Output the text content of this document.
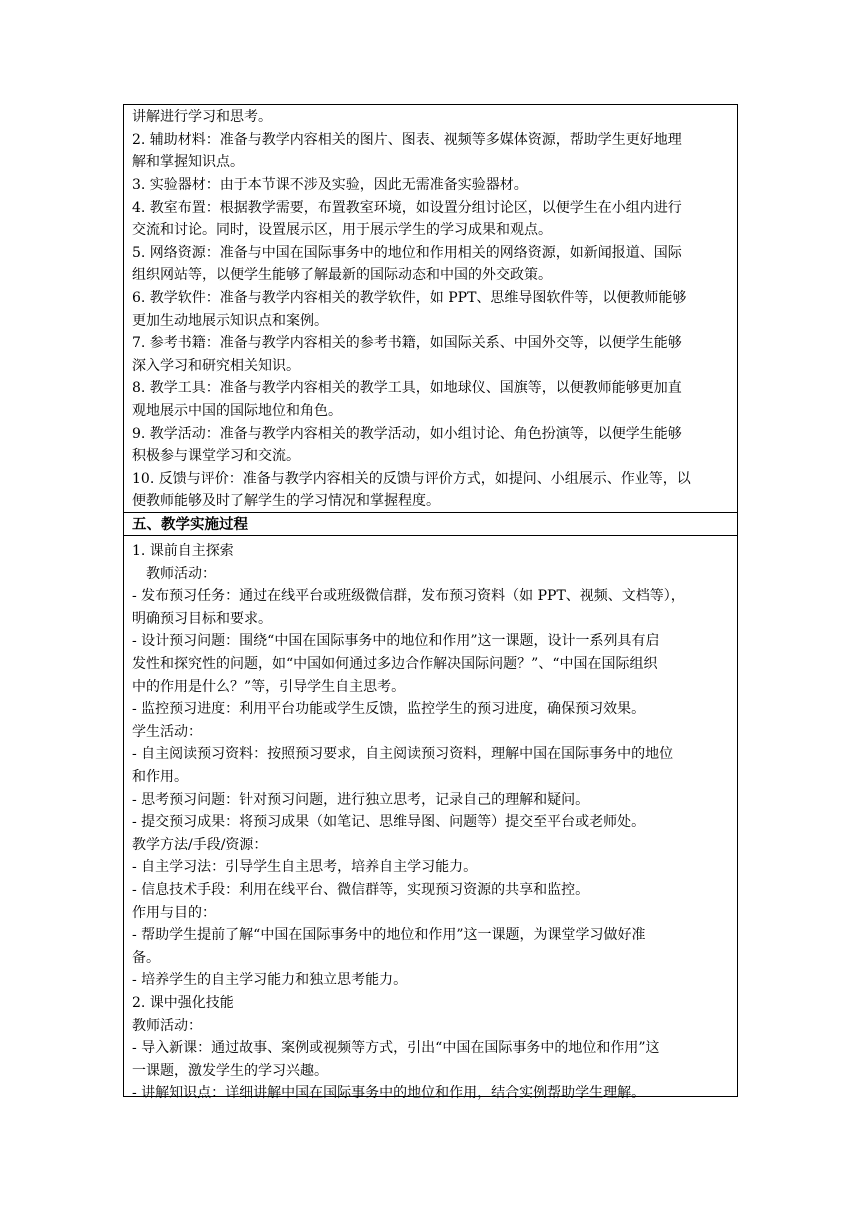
讲解进行学习和思考。
2. 辅助材料：准备与教学内容相关的图片、图表、视频等多媒体资源，帮助学生更好地理
解和掌握知识点。
3. 实验器材：由于本节课不涉及实验，因此无需准备实验器材。
4. 教室布置：根据教学需要，布置教室环境，如设置分组讨论区，以便学生在小组内进行
交流和讨论。同时，设置展示区，用于展示学生的学习成果和观点。
5. 网络资源：准备与中国在国际事务中的地位和作用相关的网络资源，如新闻报道、国际
组织网站等，以便学生能够了解最新的国际动态和中国的外交政策。
6. 教学软件：准备与教学内容相关的教学软件，如 PPT、思维导图软件等，以便教师能够
更加生动地展示知识点和案例。
7. 参考书籍：准备与教学内容相关的参考书籍，如国际关系、中国外交等，以便学生能够
深入学习和研究相关知识。
8. 教学工具：准备与教学内容相关的教学工具，如地球仪、国旗等，以便教师能够更加直
观地展示中国的国际地位和角色。
9. 教学活动：准备与教学内容相关的教学活动，如小组讨论、角色扮演等，以便学生能够
积极参与课堂学习和交流。
10. 反馈与评价：准备与教学内容相关的反馈与评价方式，如提问、小组展示、作业等，以
便教师能够及时了解学生的学习情况和掌握程度。
五、教学实施过程
1. 课前自主探索
教师活动：
- 发布预习任务：通过在线平台或班级微信群，发布预习资料（如 PPT、视频、文档等），
明确预习目标和要求。
- 设计预习问题：围绕“中国在国际事务中的地位和作用”这一课题，设计一系列具有启
发性和探究性的问题，如“中国如何通过多边合作解决国际问题？”、“中国在国际组织
中的作用是什么？”等，引导学生自主思考。
- 监控预习进度：利用平台功能或学生反馈，监控学生的预习进度，确保预习效果。
学生活动：
- 自主阅读预习资料：按照预习要求，自主阅读预习资料，理解中国在国际事务中的地位
和作用。
- 思考预习问题：针对预习问题，进行独立思考，记录自己的理解和疑问。
- 提交预习成果：将预习成果（如笔记、思维导图、问题等）提交至平台或老师处。
教学方法/手段/资源：
- 自主学习法：引导学生自主思考，培养自主学习能力。
- 信息技术手段：利用在线平台、微信群等，实现预习资源的共享和监控。
作用与目的：
- 帮助学生提前了解“中国在国际事务中的地位和作用”这一课题，为课堂学习做好准
备。
- 培养学生的自主学习能力和独立思考能力。
2. 课中强化技能
教师活动：
- 导入新课：通过故事、案例或视频等方式，引出“中国在国际事务中的地位和作用”这
一课题，激发学生的学习兴趣。
- 讲解知识点：详细讲解中国在国际事务中的地位和作用，结合实例帮助学生理解。
